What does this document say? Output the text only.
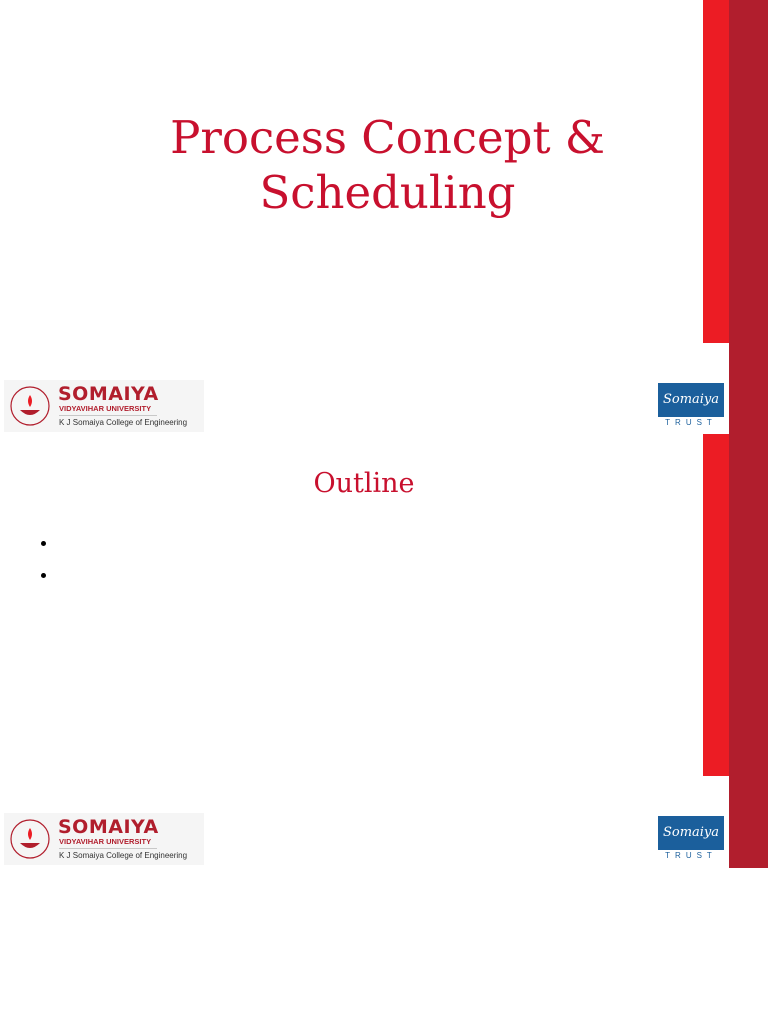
Process Concept & Scheduling
Outline
SOMAIYA
VIDYAVIHAR UNIVERSITY
K J Somaiya College of Engineering
Somaiya
TRUST
SOMAIYA
VIDYAVIHAR UNIVERSITY
K J Somaiya College of Engineering
Somaiya
TRUST
